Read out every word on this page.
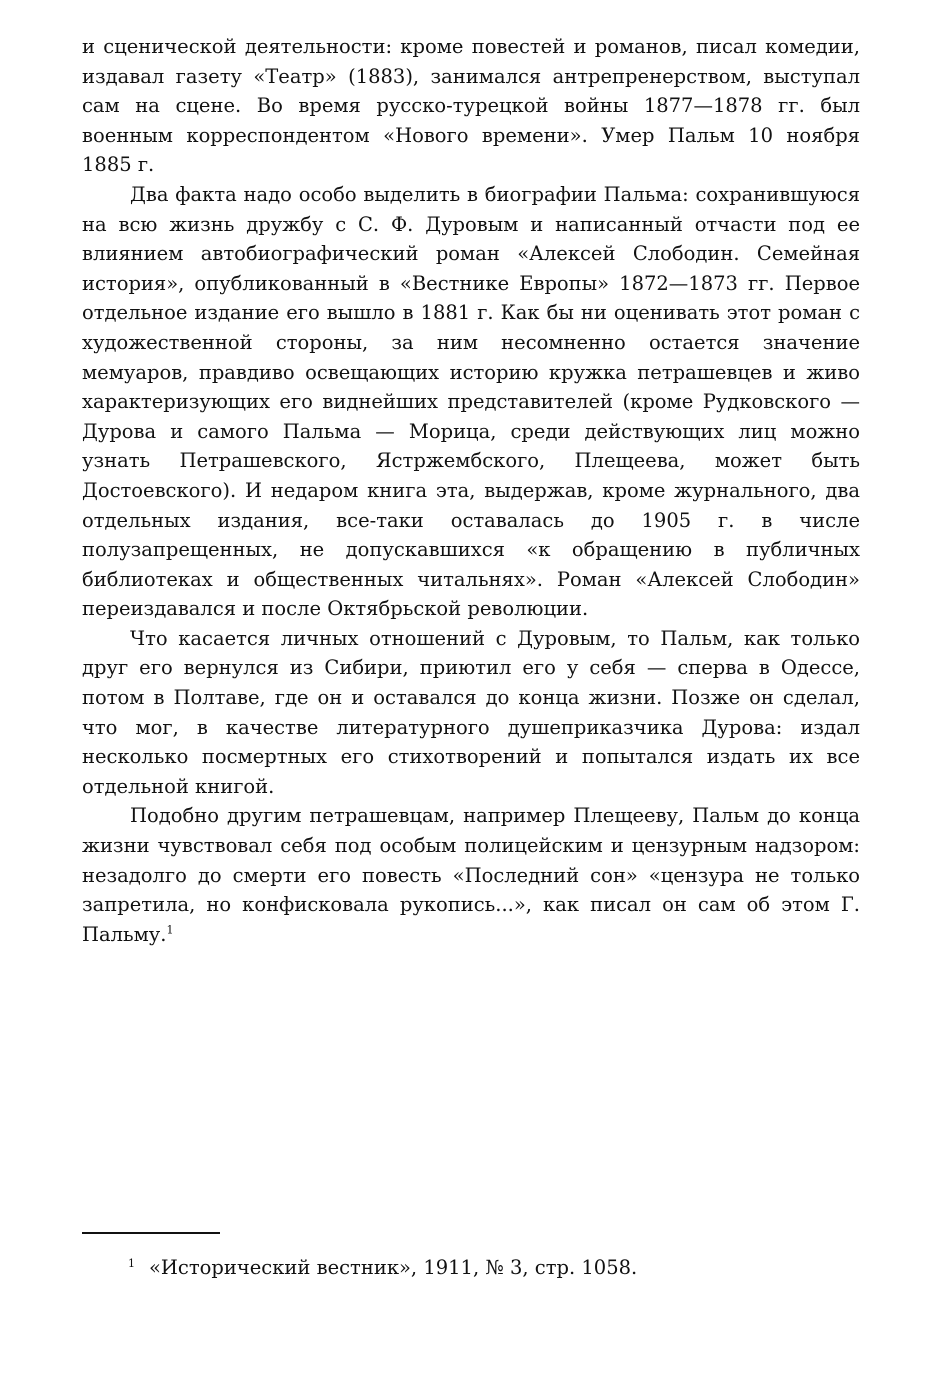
и сценической деятельности: кроме повестей и романов, писал комедии, издавал газету «Театр» (1883), занимался антрепренерством, выступал сам на сцене. Во время русско-турецкой войны 1877—1878 гг. был военным корреспондентом «Нового времени». Умер Пальм 10 ноября 1885 г.

Два факта надо особо выделить в биографии Пальма: сохранившуюся на всю жизнь дружбу с С. Ф. Дуровым и написанный отчасти под ее влиянием автобиографический роман «Алексей Слободин. Семейная история», опубликованный в «Вестнике Европы» 1872—1873 гг. Первое отдельное издание его вышло в 1881 г. Как бы ни оценивать этот роман с художественной стороны, за ним несомненно остается значение мемуаров, правдиво освещающих историю кружка петрашевцев и живо характеризующих его виднейших представителей (кроме Рудковского — Дурова и самого Пальма — Морица, среди действующих лиц можно узнать Петрашевского, Ястржембского, Плещеева, может быть Достоевского). И недаром книга эта, выдержав, кроме журнального, два отдельных издания, все-таки оставалась до 1905 г. в числе полузапрещенных, не допускавшихся «к обращению в публичных библиотеках и общественных читальнях». Роман «Алексей Слободин» переиздавался и после Октябрьской революции.

Что касается личных отношений с Дуровым, то Пальм, как только друг его вернулся из Сибири, приютил его у себя — сперва в Одессе, потом в Полтаве, где он и оставался до конца жизни. Позже он сделал, что мог, в качестве литературного душеприказчика Дурова: издал несколько посмертных его стихотворений и попытался издать их все отдельной книгой.

Подобно другим петрашевцам, например Плещееву, Пальм до конца жизни чувствовал себя под особым полицейским и цензурным надзором: незадолго до смерти его повесть «Последний сон» «цензура не только запретила, но конфисковала рукопись...», как писал он сам об этом Г. Пальму.$^1$

$^1$ «Исторический вестник», 1911, № 3, стр. 1058.
